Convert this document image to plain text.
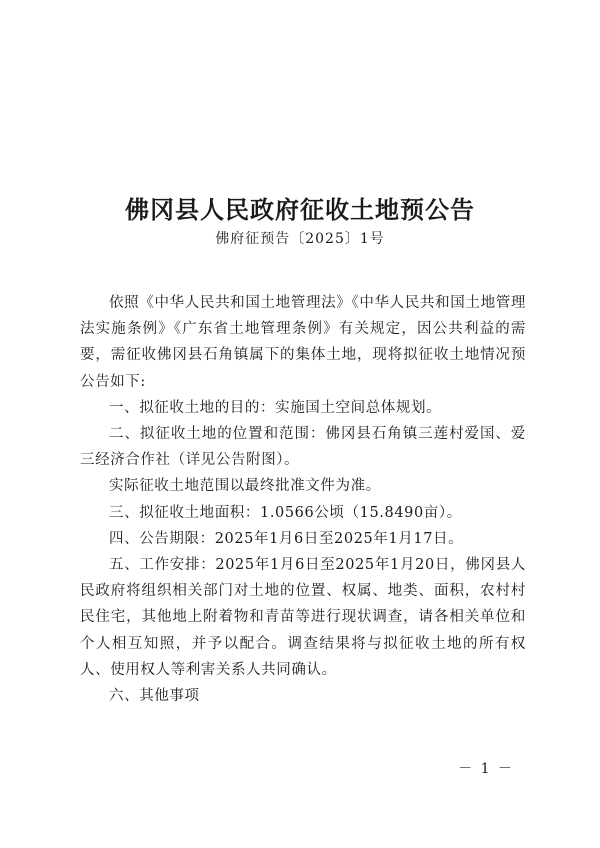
佛冈县人民政府征收土地预公告
佛府征预告〔2025〕1号

依照《中华人民共和国土地管理法》《中华人民共和国土地管理法实施条例》《广东省土地管理条例》有关规定，因公共利益的需要，需征收佛冈县石角镇属下的集体土地，现将拟征收土地情况预公告如下:

一、拟征收土地的目的：实施国土空间总体规划。

二、拟征收土地的位置和范围：佛冈县石角镇三莲村爱国、爱三经济合作社（详见公告附图）。

实际征收土地范围以最终批准文件为准。

三、拟征收土地面积：1.0566公顷（15.8490亩）。

四、公告期限：2025年1月6日至2025年1月17日。

五、工作安排：2025年1月6日至2025年1月20日，佛冈县人民政府将组织相关部门对土地的位置、权属、地类、面积，农村村民住宅，其他地上附着物和青苗等进行现状调查，请各相关单位和个人相互知照，并予以配合。调查结果将与拟征收土地的所有权人、使用权人等利害关系人共同确认。

六、其他事项

－ 1 －
